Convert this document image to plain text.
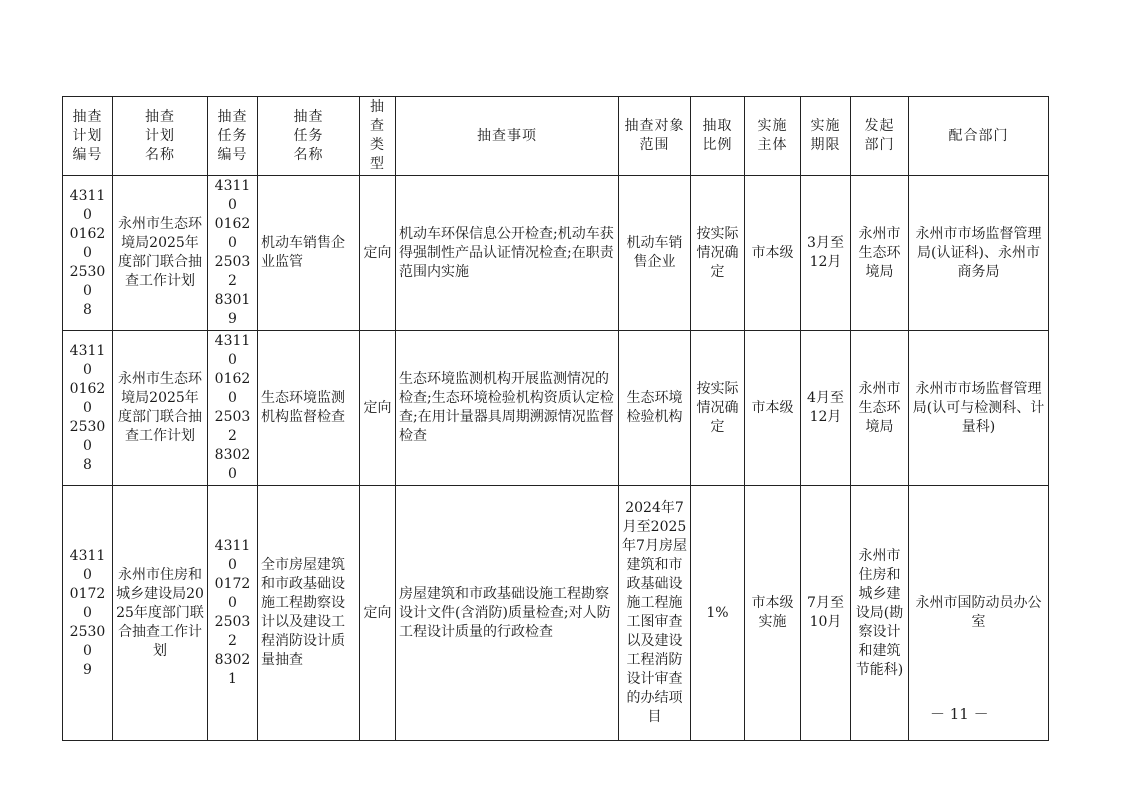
抽查
计划
编号	抽查
计划
名称	抽查
任务
编号	抽查
任务
名称	抽查
类型	抽查事项	抽查对象
范围	抽取
比例	实施
主体	实施
期限	发起
部门	配合部门

43110
01620
25300
8	永州市生态环境局2025年度部门联合抽查工作计划	43110
01620
25032
83019	机动车销售企业监管	定向	机动车环保信息公开检查;机动车获得强制性产品认证情况检查;在职责范围内实施	机动车销售企业	按实际情况确定	市本级	3月至
12月	永州市生态环境局	永州市市场监督管理局(认证科)、永州市商务局

43110
01620
25300
8	永州市生态环境局2025年度部门联合抽查工作计划	43110
01620
25032
83020	生态环境监测机构监督检查	定向	生态环境监测机构开展监测情况的检查;生态环境检验机构资质认定检查;在用计量器具周期溯源情况监督检查	生态环境检验机构	按实际情况确定	市本级	4月至
12月	永州市生态环境局	永州市市场监督管理局(认可与检测科、计量科)

43110
01720
25300
9	永州市住房和城乡建设局2025年度部门联合抽查工作计划	43110
01720
25032
83021	全市房屋建筑和市政基础设施工程勘察设计以及建设工程消防设计质量抽查	定向	房屋建筑和市政基础设施工程勘察设计文件(含消防)质量检查;对人防工程设计质量的行政检查	2024年7月至2025年7月房屋建筑和市政基础设施工程施工图审查以及建设工程消防设计审查的办结项目	1%	市本级实施	7月至
10月	永州市住房和城乡建设局(勘察设计和建筑节能科)	永州市国防动员办公室
－ 11 －
